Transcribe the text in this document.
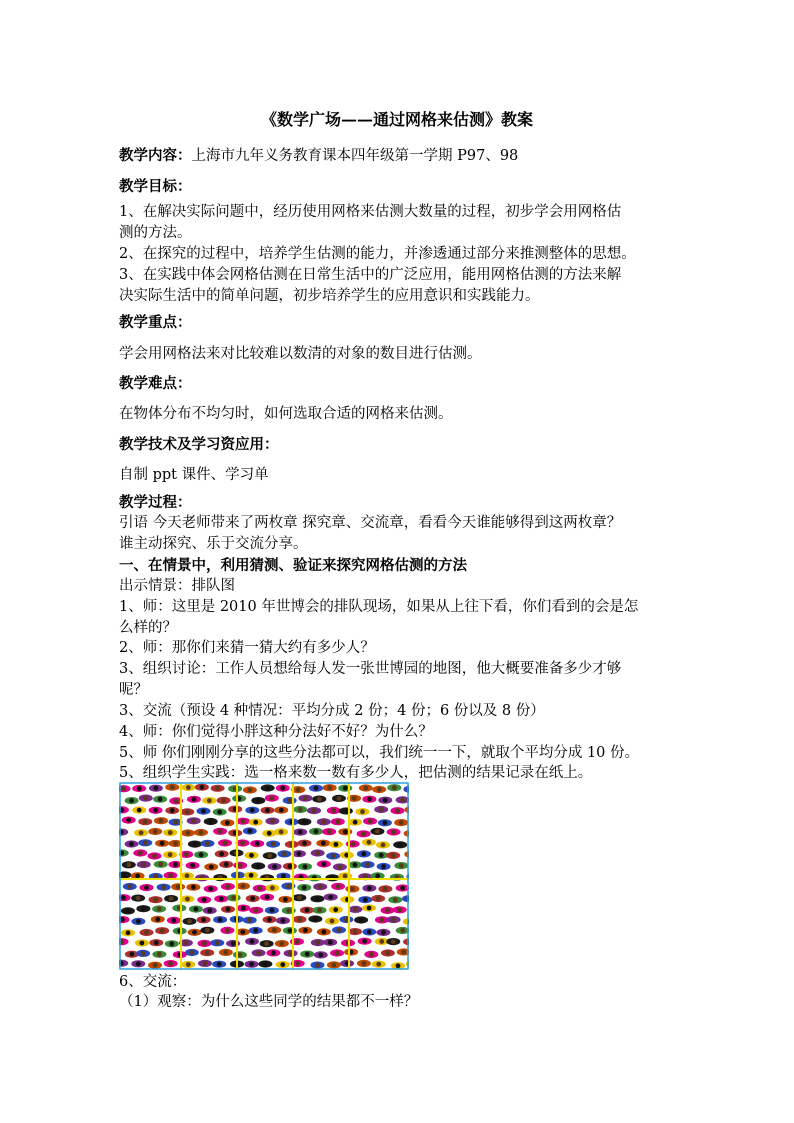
《数学广场——通过网格来估测》教案
教学内容：上海市九年义务教育课本四年级第一学期 P97、98
教学目标：
1、在解决实际问题中，经历使用网格来估测大数量的过程，初步学会用网格估
测的方法。
2、在探究的过程中，培养学生估测的能力，并渗透通过部分来推测整体的思想。
3、在实践中体会网格估测在日常生活中的广泛应用，能用网格估测的方法来解
决实际生活中的简单问题，初步培养学生的应用意识和实践能力。
教学重点：
学会用网格法来对比较难以数清的对象的数目进行估测。
教学难点：
在物体分布不均匀时，如何选取合适的网格来估测。
教学技术及学习资应用：
自制 ppt 课件、学习单
教学过程：
引语 今天老师带来了两枚章 探究章、交流章，看看今天谁能够得到这两枚章？
谁主动探究、乐于交流分享。
一、在情景中，利用猜测、验证来探究网格估测的方法
出示情景：排队图
1、师：这里是 2010 年世博会的排队现场，如果从上往下看，你们看到的会是怎
么样的？
2、师：那你们来猜一猜大约有多少人？
3、组织讨论：工作人员想给每人发一张世博园的地图，他大概要准备多少才够
呢？
3、交流（预设 4 种情况：平均分成 2 份；4 份；6 份以及 8 份）
4、师：你们觉得小胖这种分法好不好？为什么？
5、师 你们刚刚分享的这些分法都可以，我们统一一下，就取个平均分成 10 份。
5、组织学生实践：选一格来数一数有多少人，把估测的结果记录在纸上。
6、交流：
（1）观察：为什么这些同学的结果都不一样？
